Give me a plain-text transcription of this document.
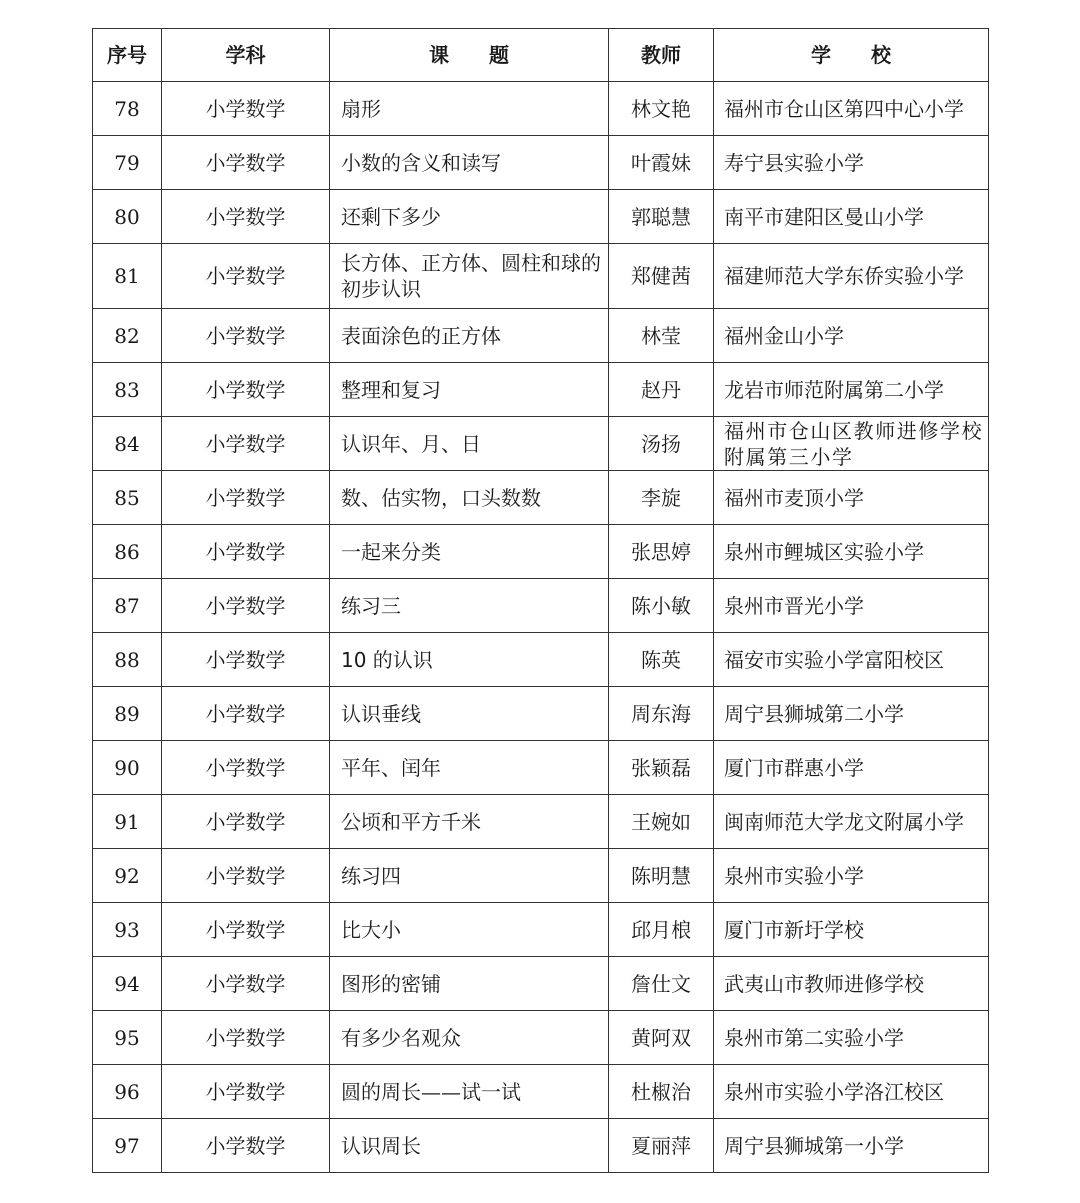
序号	学科	课　　题	教师	学　　校
78	小学数学	扇形	林文艳	福州市仓山区第四中心小学
79	小学数学	小数的含义和读写	叶霞妹	寿宁县实验小学
80	小学数学	还剩下多少	郭聪慧	南平市建阳区曼山小学
81	小学数学	长方体、正方体、圆柱和球的初步认识	郑健茜	福建师范大学东侨实验小学
82	小学数学	表面涂色的正方体	林莹	福州金山小学
83	小学数学	整理和复习	赵丹	龙岩市师范附属第二小学
84	小学数学	认识年、月、日	汤扬	福州市仓山区教师进修学校附属第三小学
85	小学数学	数、估实物，口头数数	李旋	福州市麦顶小学
86	小学数学	一起来分类	张思婷	泉州市鲤城区实验小学
87	小学数学	练习三	陈小敏	泉州市晋光小学
88	小学数学	10 的认识	陈英	福安市实验小学富阳校区
89	小学数学	认识垂线	周东海	周宁县狮城第二小学
90	小学数学	平年、闰年	张颖磊	厦门市群惠小学
91	小学数学	公顷和平方千米	王婉如	闽南师范大学龙文附属小学
92	小学数学	练习四	陈明慧	泉州市实验小学
93	小学数学	比大小	邱月桹	厦门市新圩学校
94	小学数学	图形的密铺	詹仕文	武夷山市教师进修学校
95	小学数学	有多少名观众	黄阿双	泉州市第二实验小学
96	小学数学	圆的周长——试一试	杜椒治	泉州市实验小学洛江校区
97	小学数学	认识周长	夏丽萍	周宁县狮城第一小学
